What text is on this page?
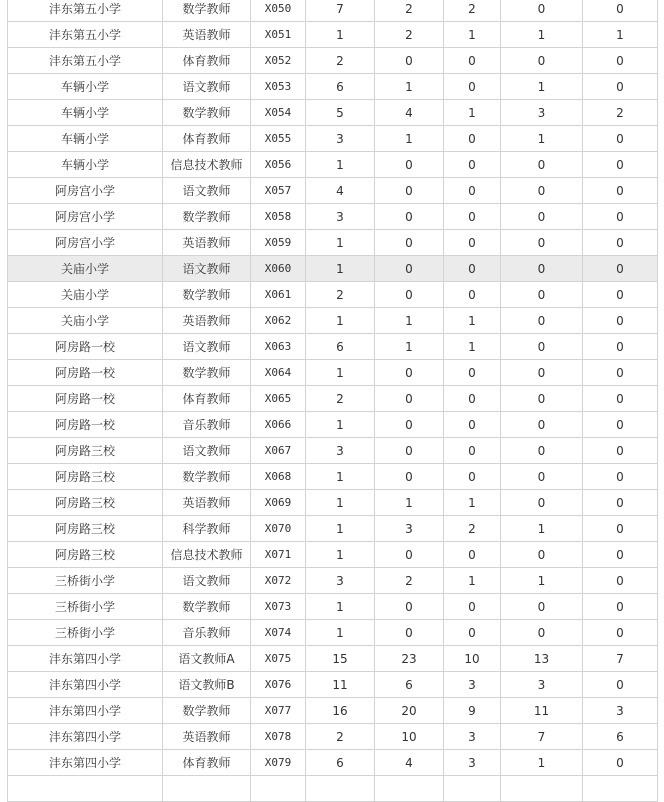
沣东第五小学	数学教师	X050	7	2	2	0	0
沣东第五小学	英语教师	X051	1	2	1	1	1
沣东第五小学	体育教师	X052	2	0	0	0	0
车辆小学	语文教师	X053	6	1	0	1	0
车辆小学	数学教师	X054	5	4	1	3	2
车辆小学	体育教师	X055	3	1	0	1	0
车辆小学	信息技术教师	X056	1	0	0	0	0
阿房宫小学	语文教师	X057	4	0	0	0	0
阿房宫小学	数学教师	X058	3	0	0	0	0
阿房宫小学	英语教师	X059	1	0	0	0	0
关庙小学	语文教师	X060	1	0	0	0	0
关庙小学	数学教师	X061	2	0	0	0	0
关庙小学	英语教师	X062	1	1	1	0	0
阿房路一校	语文教师	X063	6	1	1	0	0
阿房路一校	数学教师	X064	1	0	0	0	0
阿房路一校	体育教师	X065	2	0	0	0	0
阿房路一校	音乐教师	X066	1	0	0	0	0
阿房路三校	语文教师	X067	3	0	0	0	0
阿房路三校	数学教师	X068	1	0	0	0	0
阿房路三校	英语教师	X069	1	1	1	0	0
阿房路三校	科学教师	X070	1	3	2	1	0
阿房路三校	信息技术教师	X071	1	0	0	0	0
三桥街小学	语文教师	X072	3	2	1	1	0
三桥街小学	数学教师	X073	1	0	0	0	0
三桥街小学	音乐教师	X074	1	0	0	0	0
沣东第四小学	语文教师A	X075	15	23	10	13	7
沣东第四小学	语文教师B	X076	11	6	3	3	0
沣东第四小学	数学教师	X077	16	20	9	11	3
沣东第四小学	英语教师	X078	2	10	3	7	6
沣东第四小学	体育教师	X079	6	4	3	1	0
